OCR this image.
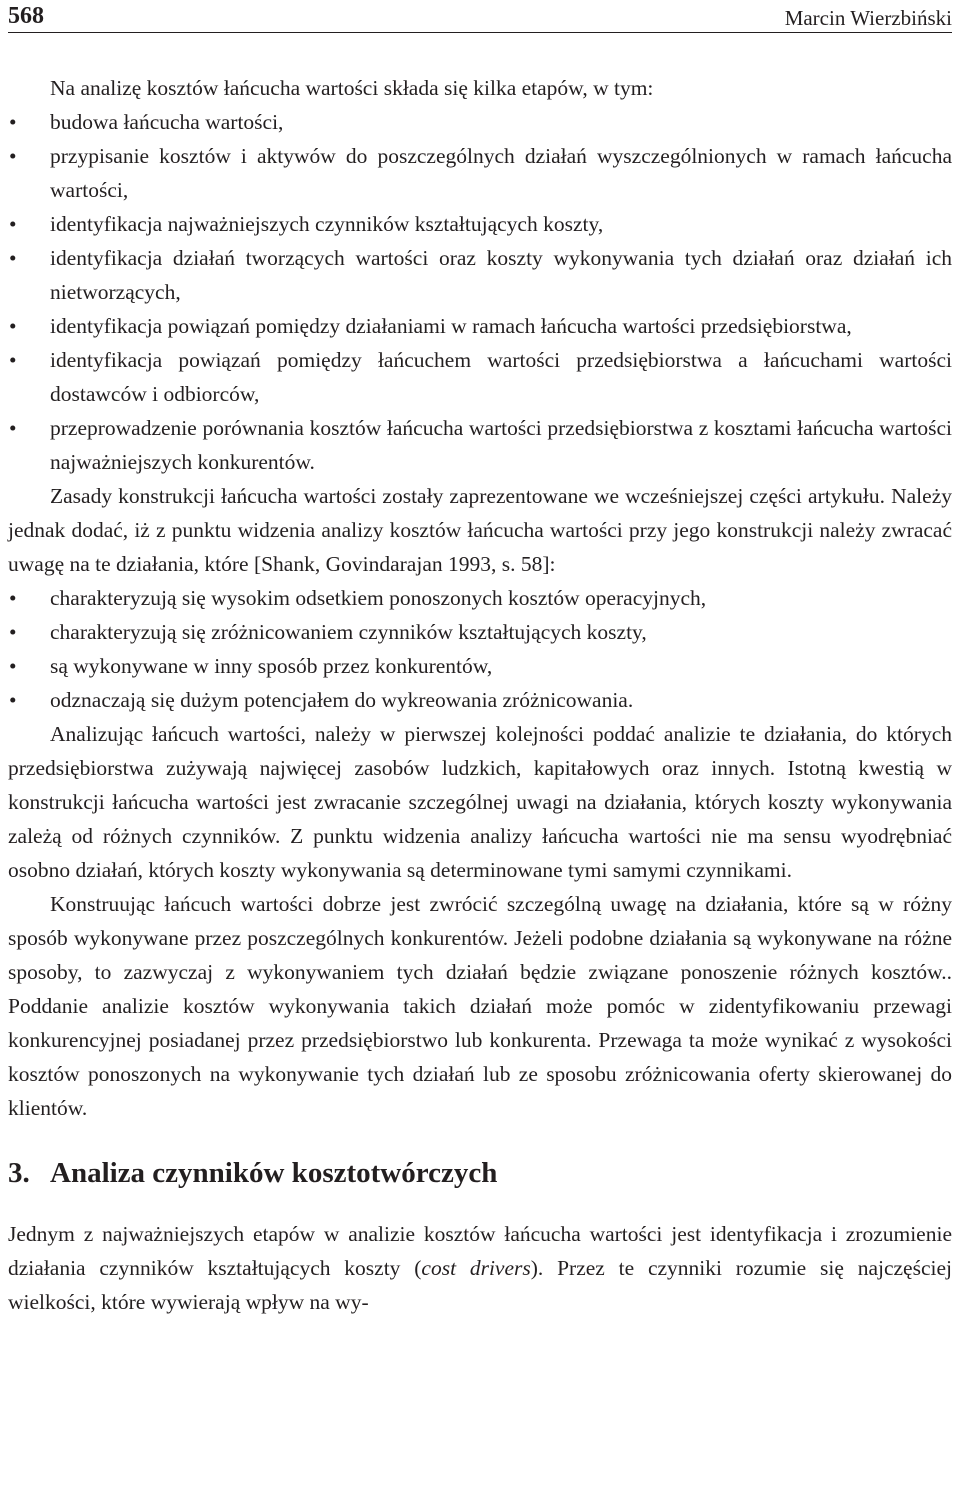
568	Marcin Wierzbiński

Na analizę kosztów łańcucha wartości składa się kilka etapów, w tym:

• budowa łańcucha wartości,
• przypisanie kosztów i aktywów do poszczególnych działań wyszczególnionych w ramach łańcucha wartości,
• identyfikacja najważniejszych czynników kształtujących koszty,
• identyfikacja działań tworzących wartości oraz koszty wykonywania tych działań oraz działań ich nietworzących,
• identyfikacja powiązań pomiędzy działaniami w ramach łańcucha wartości przedsiębiorstwa,
• identyfikacja powiązań pomiędzy łańcuchem wartości przedsiębiorstwa a łańcuchami wartości dostawców i odbiorców,
• przeprowadzenie porównania kosztów łańcucha wartości przedsiębiorstwa z kosztami łańcucha wartości najważniejszych konkurentów.

Zasady konstrukcji łańcucha wartości zostały zaprezentowane we wcześniejszej części artykułu. Należy jednak dodać, iż z punktu widzenia analizy kosztów łańcucha wartości przy jego konstrukcji należy zwracać uwagę na te działania, które [Shank, Govindarajan 1993, s. 58]:

• charakteryzują się wysokim odsetkiem ponoszonych kosztów operacyjnych,
• charakteryzują się zróżnicowaniem czynników kształtujących koszty,
• są wykonywane w inny sposób przez konkurentów,
• odznaczają się dużym potencjałem do wykreowania zróżnicowania.

Analizując łańcuch wartości, należy w pierwszej kolejności poddać analizie te działania, do których przedsiębiorstwa zużywają najwięcej zasobów ludzkich, kapitałowych oraz innych. Istotną kwestią w konstrukcji łańcucha wartości jest zwracanie szczególnej uwagi na działania, których koszty wykonywania zależą od różnych czynników. Z punktu widzenia analizy łańcucha wartości nie ma sensu wyodrębniać osobno działań, których koszty wykonywania są determinowane tymi samymi czynnikami.

Konstruując łańcuch wartości dobrze jest zwrócić szczególną uwagę na działania, które są w różny sposób wykonywane przez poszczególnych konkurentów. Jeżeli podobne działania są wykonywane na różne sposoby, to zazwyczaj z wykonywaniem tych działań będzie związane ponoszenie różnych kosztów.. Poddanie analizie kosztów wykonywania takich działań może pomóc w zidentyfikowaniu przewagi konkurencyjnej posiadanej przez przedsiębiorstwo lub konkurenta. Przewaga ta może wynikać z wysokości kosztów ponoszonych na wykonywanie tych działań lub ze sposobu zróżnicowania oferty skierowanej do klientów.

3. Analiza czynników kosztotwórczych

Jednym z najważniejszych etapów w analizie kosztów łańcucha wartości jest identyfikacja i zrozumienie działania czynników kształtujących koszty (cost drivers). Przez te czynniki rozumie się najczęściej wielkości, które wywierają wpływ na wy-
